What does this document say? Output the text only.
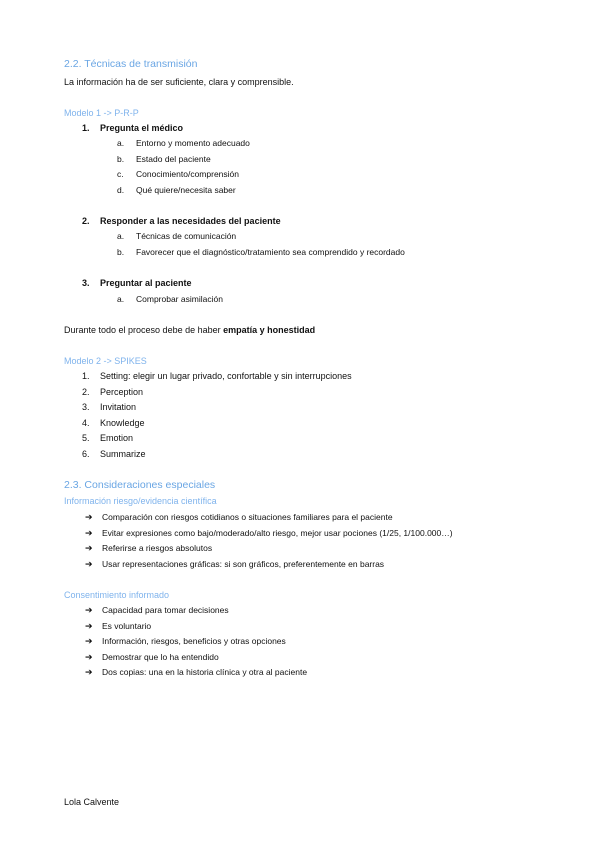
2.2. Técnicas de transmisión

La información ha de ser suficiente, clara y comprensible.

Modelo 1 -> P-R-P
1. Pregunta el médico
a. Entorno y momento adecuado
b. Estado del paciente
c. Conocimiento/comprensión
d. Qué quiere/necesita saber
2. Responder a las necesidades del paciente
a. Técnicas de comunicación
b. Favorecer que el diagnóstico/tratamiento sea comprendido y recordado
3. Preguntar al paciente
a. Comprobar asimilación

Durante todo el proceso debe de haber empatía y honestidad

Modelo 2 -> SPIKES
1. Setting: elegir un lugar privado, confortable y sin interrupciones
2. Perception
3. Invitation
4. Knowledge
5. Emotion
6. Summarize
2.3. Consideraciones especiales
Información riesgo/evidencia científica
➔ Comparación con riesgos cotidianos o situaciones familiares para el paciente
➔ Evitar expresiones como bajo/moderado/alto riesgo, mejor usar pociones (1/25, 1/100.000…)
➔ Referirse a riesgos absolutos
➔ Usar representaciones gráficas: si son gráficos, preferentemente en barras
Consentimiento informado
➔ Capacidad para tomar decisiones
➔ Es voluntario
➔ Información, riesgos, beneficios y otras opciones
➔ Demostrar que lo ha entendido
➔ Dos copias: una en la historia clínica y otra al paciente
Lola Calvente
